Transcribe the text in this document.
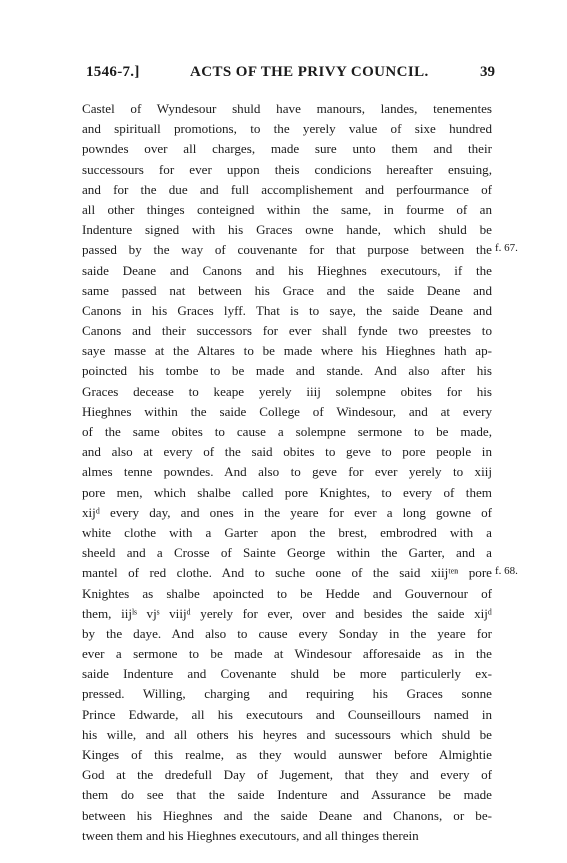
1546-7.]	ACTS OF THE PRIVY COUNCIL.	39
Castel of Wyndesour shuld have manours, landes, tenementes
and spirituall promotions, to the yerely value of sixe hundred
powndes over all charges, made sure unto them and their
successours for ever uppon theis condicions hereafter ensuing,
and for the due and full accomplishement and perfourmance of
all other thinges conteigned within the same, in fourme of an
Indenture signed with his Graces owne hande, which shuld be
passed by the way of couvenante for that purpose between the
saide Deane and Canons and his Hieghnes executours, if the
same passed nat between his Grace and the saide Deane and
Canons in his Graces lyff. That is to saye, the saide Deane and
Canons and their successors for ever shall fynde two preestes to
saye masse at the Altares to be made where his Hieghnes hath ap-
poincted his tombe to be made and stande. And also after his
Graces decease to keape yerely iiij solempne obites for his
Hieghnes within the saide College of Windesour, and at every
of the same obites to cause a solempne sermone to be made,
and also at every of the said obites to geve to pore people in
almes tenne powndes. And also to geve for ever yerely to xiij
pore men, which shalbe called pore Knightes, to every of them
xijᵈ every day, and ones in the yeare for ever a long gowne of
white clothe with a Garter apon the brest, embrodred with a
sheeld and a Crosse of Sainte George within the Garter, and a
mantel of red clothe. And to suche oone of the said xiijᵗᵉⁿ pore
Knightes as shalbe apoincted to be Hedde and Gouvernour of
them, iijˡˢ vjˢ viijᵈ yerely for ever, over and besides the saide xijᵈ
by the daye. And also to cause every Sonday in the yeare for
ever a sermone to be made at Windesour afforesaide as in the
saide Indenture and Covenante shuld be more particulerly ex-
pressed. Willing, charging and requiring his Graces sonne
Prince Edwarde, all his executours and Counseillours named in
his wille, and all others his heyres and sucessours which shuld be
Kinges of this realme, as they would aunswer before Almightie
God at the dredefull Day of Jugement, that they and every of
them do see that the saide Indenture and Assurance be made
between his Hieghnes and the saide Deane and Chanons, or be-
tween them and his Hieghnes executours, and all thinges therein
f. 67.
f. 68.
